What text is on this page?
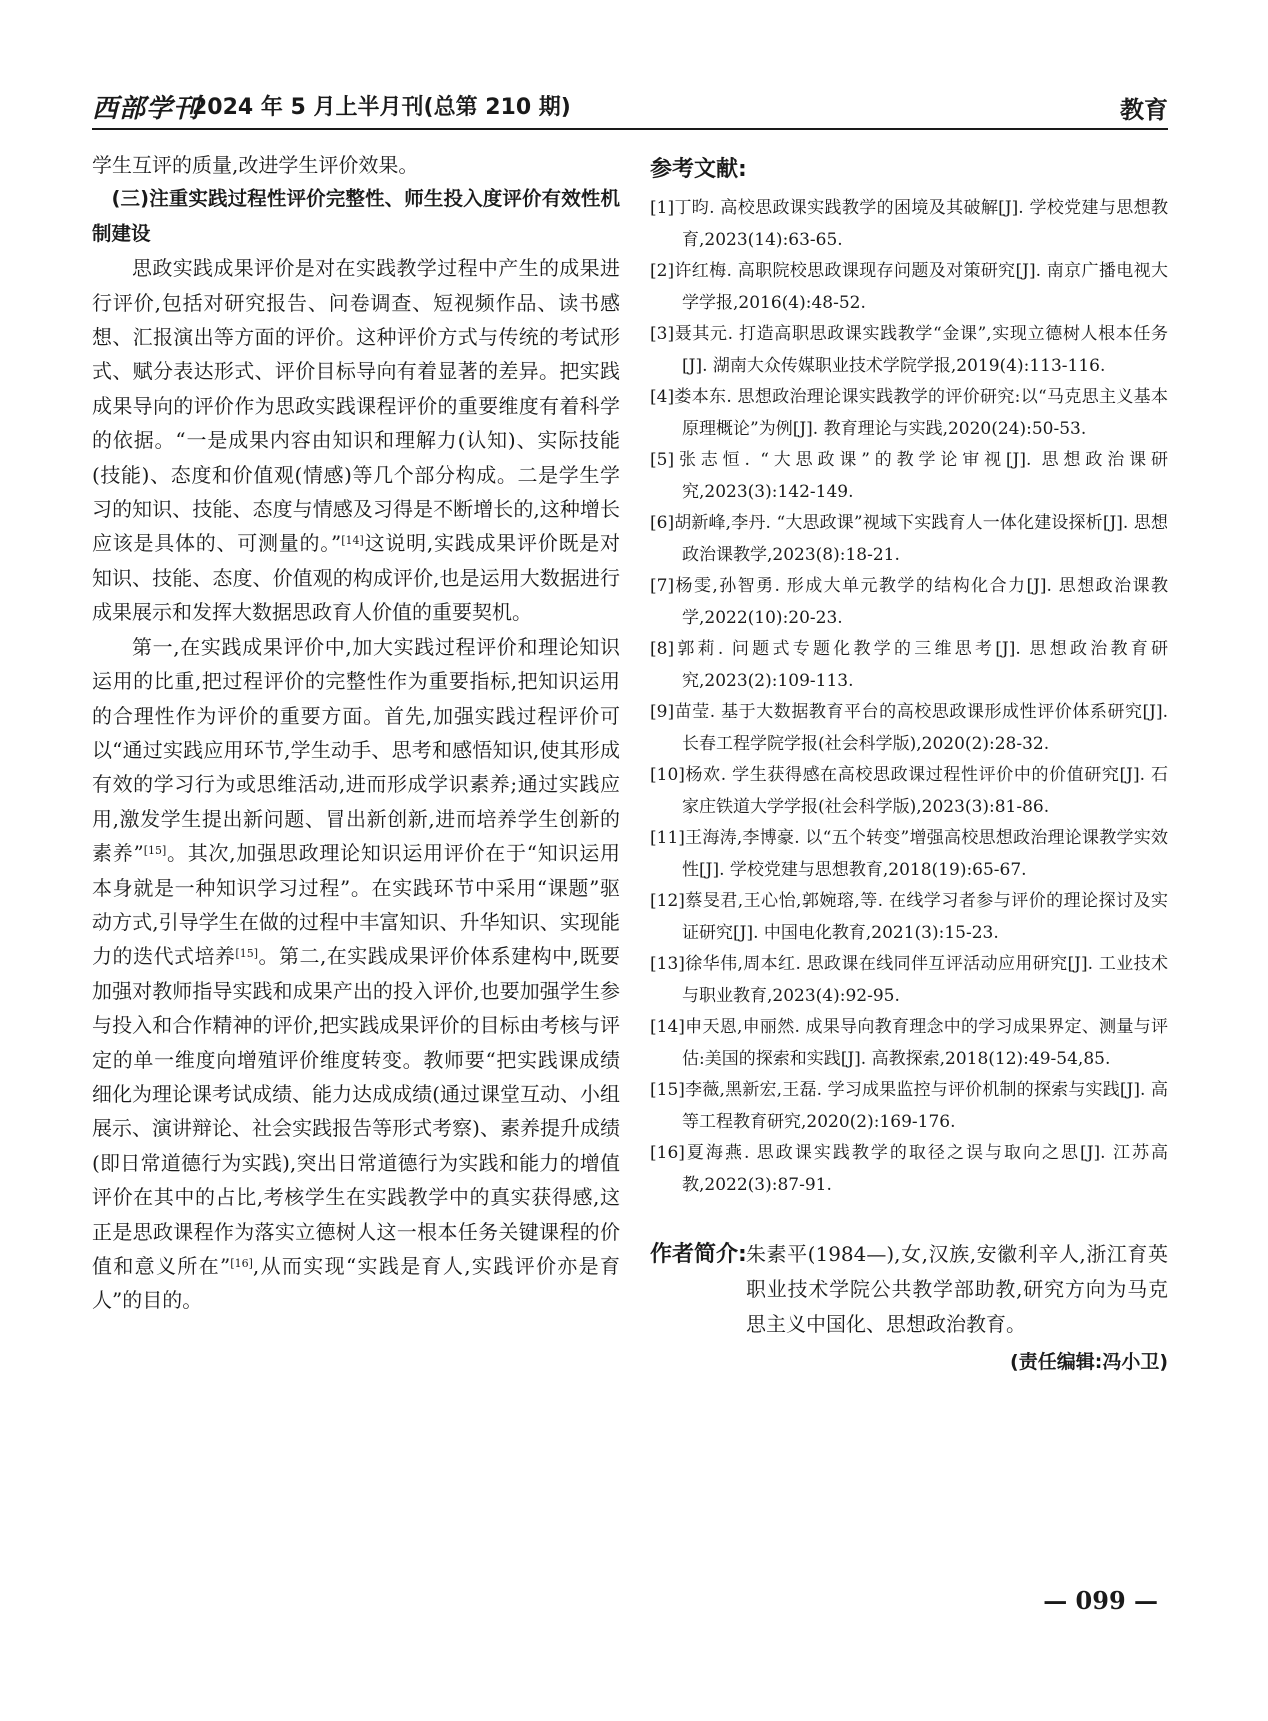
西部学刊
2024 年 5 月上半月刊(总第 210 期)	教育

学生互评的质量,改进学生评价效果。

(三)注重实践过程性评价完整性、师生投入度评价有效性机制建设

思政实践成果评价是对在实践教学过程中产生的成果进行评价,包括对研究报告、问卷调查、短视频作品、读书感想、汇报演出等方面的评价。这种评价方式与传统的考试形式、赋分表达形式、评价目标导向有着显著的差异。把实践成果导向的评价作为思政实践课程评价的重要维度有着科学的依据。“一是成果内容由知识和理解力(认知)、实际技能(技能)、态度和价值观(情感)等几个部分构成。二是学生学习的知识、技能、态度与情感及习得是不断增长的,这种增长应该是具体的、可测量的。”[14]这说明,实践成果评价既是对知识、技能、态度、价值观的构成评价,也是运用大数据进行成果展示和发挥大数据思政育人价值的重要契机。

第一,在实践成果评价中,加大实践过程评价和理论知识运用的比重,把过程评价的完整性作为重要指标,把知识运用的合理性作为评价的重要方面。首先,加强实践过程评价可以“通过实践应用环节,学生动手、思考和感悟知识,使其形成有效的学习行为或思维活动,进而形成学识素养;通过实践应用,激发学生提出新问题、冒出新创新,进而培养学生创新的素养”[15]。其次,加强思政理论知识运用评价在于“知识运用本身就是一种知识学习过程”。在实践环节中采用“课题”驱动方式,引导学生在做的过程中丰富知识、升华知识、实现能力的迭代式培养[15]。第二,在实践成果评价体系建构中,既要加强对教师指导实践和成果产出的投入评价,也要加强学生参与投入和合作精神的评价,把实践成果评价的目标由考核与评定的单一维度向增殖评价维度转变。教师要“把实践课成绩细化为理论课考试成绩、能力达成成绩(通过课堂互动、小组展示、演讲辩论、社会实践报告等形式考察)、素养提升成绩(即日常道德行为实践),突出日常道德行为实践和能力的增值评价在其中的占比,考核学生在实践教学中的真实获得感,这正是思政课程作为落实立德树人这一根本任务关键课程的价值和意义所在”[16],从而实现“实践是育人,实践评价亦是育人”的目的。

参考文献:
[1]丁昀. 高校思政课实践教学的困境及其破解[J]. 学校党建与思想教育,2023(14):63-65.
[2]许红梅. 高职院校思政课现存问题及对策研究[J]. 南京广播电视大学学报,2016(4):48-52.
[3]聂其元. 打造高职思政课实践教学“金课”,实现立德树人根本任务[J]. 湖南大众传媒职业技术学院学报,2019(4):113-116.
[4]娄本东. 思想政治理论课实践教学的评价研究:以“马克思主义基本原理概论”为例[J]. 教育理论与实践,2020(24):50-53.
[5]张志恒. “大思政课”的教学论审视[J]. 思想政治课研究,2023(3):142-149.
[6]胡新峰,李丹. “大思政课”视域下实践育人一体化建设探析[J]. 思想政治课教学,2023(8):18-21.
[7]杨雯,孙智勇. 形成大单元教学的结构化合力[J]. 思想政治课教学,2022(10):20-23.
[8]郭莉. 问题式专题化教学的三维思考[J]. 思想政治教育研究,2023(2):109-113.
[9]苗莹. 基于大数据教育平台的高校思政课形成性评价体系研究[J]. 长春工程学院学报(社会科学版),2020(2):28-32.
[10]杨欢. 学生获得感在高校思政课过程性评价中的价值研究[J]. 石家庄铁道大学学报(社会科学版),2023(3):81-86.
[11]王海涛,李博豪. 以“五个转变”增强高校思想政治理论课教学实效性[J]. 学校党建与思想教育,2018(19):65-67.
[12]蔡旻君,王心怡,郭婉瑢,等. 在线学习者参与评价的理论探讨及实证研究[J]. 中国电化教育,2021(3):15-23.
[13]徐华伟,周本红. 思政课在线同伴互评活动应用研究[J]. 工业技术与职业教育,2023(4):92-95.
[14]申天恩,申丽然. 成果导向教育理念中的学习成果界定、测量与评估:美国的探索和实践[J]. 高教探索,2018(12):49-54,85.
[15]李薇,黑新宏,王磊. 学习成果监控与评价机制的探索与实践[J]. 高等工程教育研究,2020(2):169-176.
[16]夏海燕. 思政课实践教学的取径之误与取向之思[J]. 江苏高教,2022(3):87-91.
作者简介: 朱素平(1984—),女,汉族,安徽利辛人,浙江育英职业技术学院公共教学部助教,研究方向为马克思主义中国化、思想政治教育。

(责任编辑:冯小卫)

— 099 —
